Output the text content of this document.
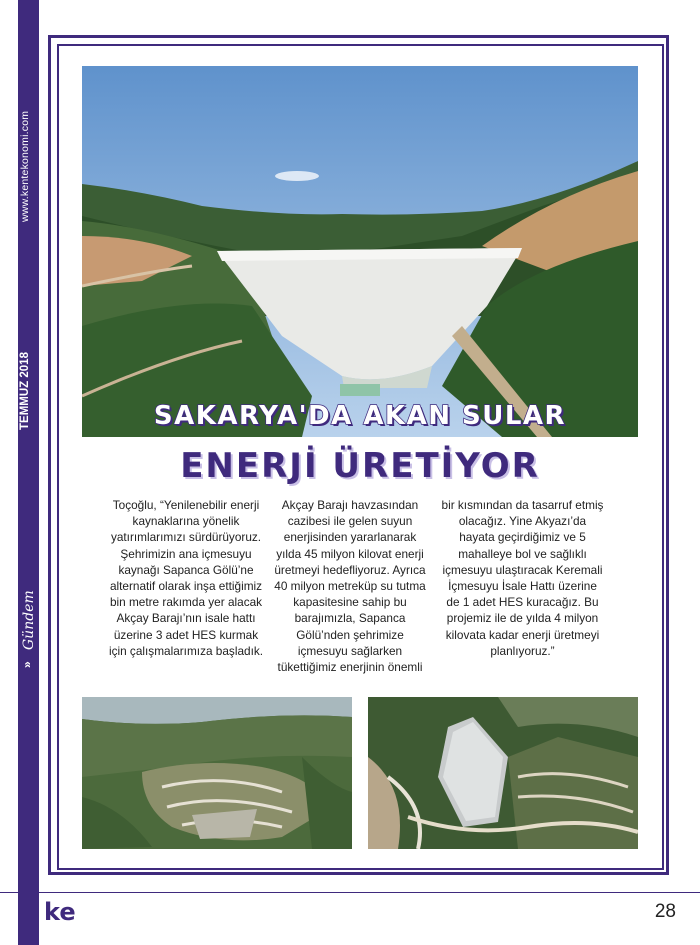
www.kentekonomi.com
TEMMUZ 2018
Gündem
»
SAKARYA'DA AKAN SULAR
ENERJİ ÜRETİYOR
Toçoğlu, “Yenilenebilir enerji kaynaklarına yönelik yatırımlarımızı sürdürüyoruz. Şehrimizin ana içmesuyu kaynağı Sapanca Gölü’ne alternatif olarak inşa ettiğimiz bin metre rakımda yer alacak Akçay Barajı’nın isale hattı üzerine 3 adet HES kurmak için çalışmalarımıza başladık.
Akçay Barajı havzasından cazibesi ile gelen suyun enerjisinden yararlanarak yılda 45 milyon kilovat enerji üretmeyi hedefliyoruz. Ayrıca 40 milyon metreküp su tutma kapasitesine sahip bu barajımızla, Sapanca Gölü’nden şehrimize içmesuyu sağlarken tükettiğimiz enerjinin önemli
bir kısmından da tasarruf etmiş olacağız. Yine Akyazı’da hayata geçirdiğimiz ve 5 mahalleye bol ve sağlıklı içmesuyu ulaştıracak Keremali İçmesuyu İsale Hattı üzerine de 1 adet HES kuracağız. Bu projemiz ile de yılda 4 milyon kilovata kadar enerji üretmeyi planlıyoruz.”
ke	28
